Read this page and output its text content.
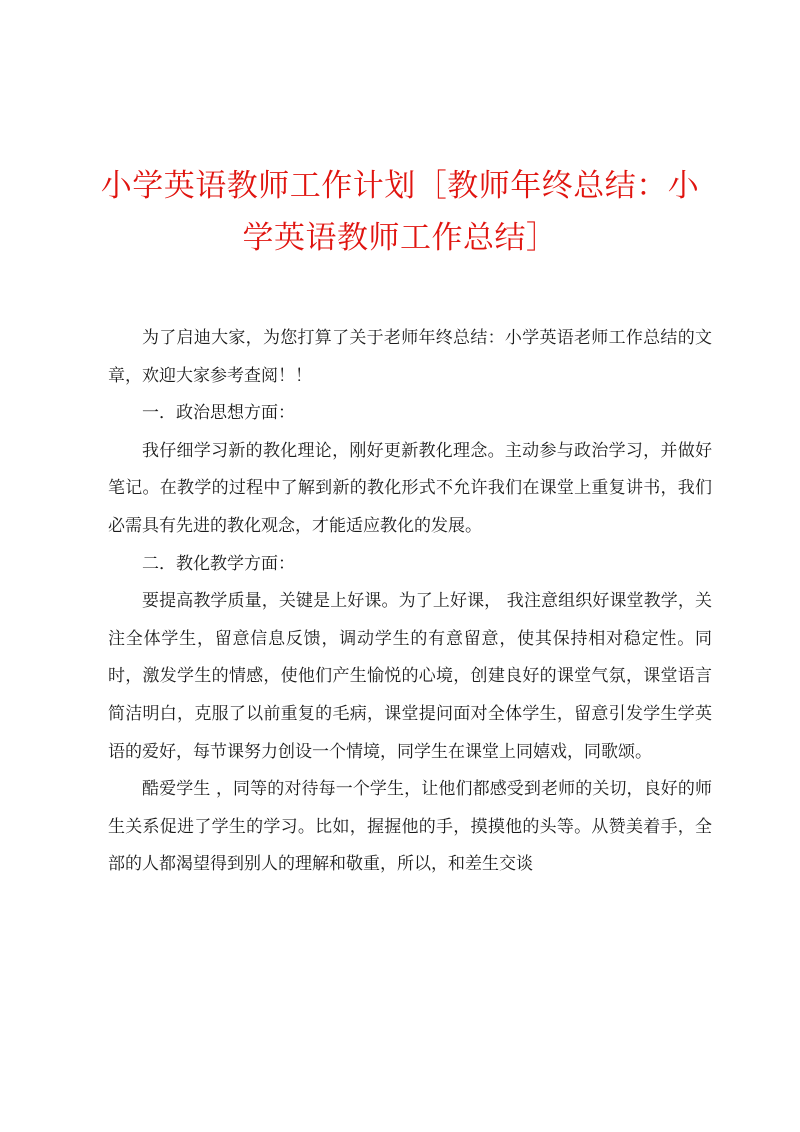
小学英语教师工作计划［教师年终总结：小学英语教师工作总结］

为了启迪大家，为您打算了关于老师年终总结：小学英语老师工作总结的文章，欢迎大家参考查阅！！

一．政治思想方面：

我仔细学习新的教化理论，刚好更新教化理念。主动参与政治学习，并做好笔记。在教学的过程中了解到新的教化形式不允许我们在课堂上重复讲书，我们必需具有先进的教化观念，才能适应教化的发展。

二．教化教学方面：

要提高教学质量，关键是上好课。为了上好课， 我注意组织好课堂教学，关注全体学生，留意信息反馈，调动学生的有意留意，使其保持相对稳定性。同时，激发学生的情感，使他们产生愉悦的心境，创建良好的课堂气氛，课堂语言简洁明白，克服了以前重复的毛病，课堂提问面对全体学生，留意引发学生学英语的爱好，每节课努力创设一个情境，同学生在课堂上同嬉戏，同歌颂。

酷爱学生 ，同等的对待每一个学生，让他们都感受到老师的关切，良好的师生关系促进了学生的学习。比如，握握他的手，摸摸他的头等。从赞美着手，全部的人都渴望得到别人的理解和敬重，所以，和差生交谈
